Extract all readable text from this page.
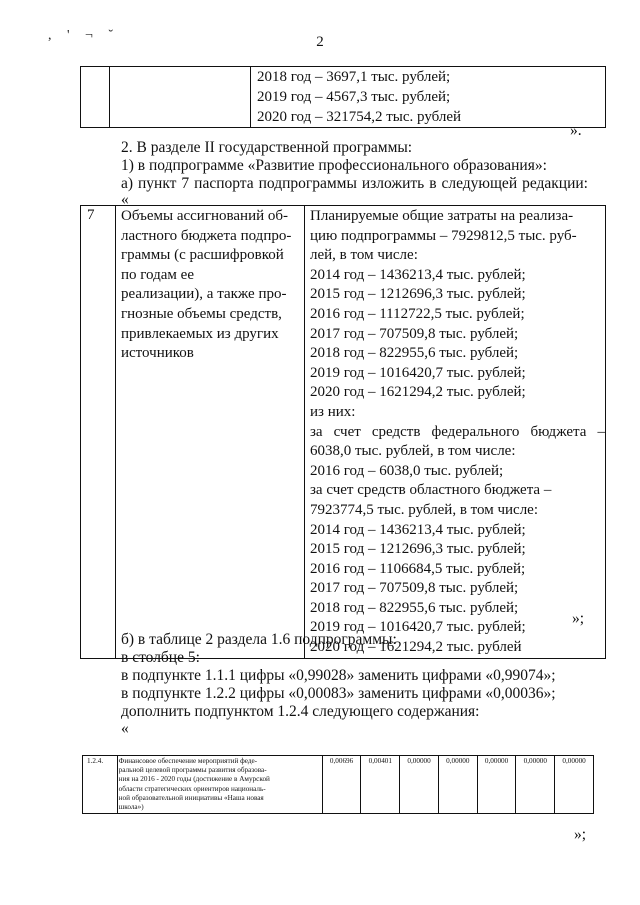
, ' ¬ ˘	2

2018 год – 3697,1 тыс. рублей;
2019 год – 4567,3 тыс. рублей;
2020 год – 321754,2 тыс. рублей
».
2. В разделе II государственной программы:
1) в подпрограмме «Развитие профессионального образования»:
а) пункт 7 паспорта подпрограммы изложить в следующей редакции:
«
7	Объемы ассигнований об-
ластного бюджета подпро-
граммы (с расшифровкой
по годам ее
реализации), а также про-
гнозные объемы средств,
привлекаемых из других
источников

Планируемые общие затраты на реализа-
цию подпрограммы – 7929812,5 тыс. руб-
лей, в том числе:
2014 год – 1436213,4 тыс. рублей;
2015 год – 1212696,3 тыс. рублей;
2016 год – 1112722,5 тыс. рублей;
2017 год – 707509,8 тыс. рублей;
2018 год – 822955,6 тыс. рублей;
2019 год – 1016420,7 тыс. рублей;
2020 год – 1621294,2 тыс. рублей;
из них:
за счет средств федерального бюджета –
6038,0 тыс. рублей, в том числе:
2016 год – 6038,0 тыс. рублей;
за счет средств областного бюджета –
7923774,5 тыс. рублей, в том числе:
2014 год – 1436213,4 тыс. рублей;
2015 год – 1212696,3 тыс. рублей;
2016 год – 1106684,5 тыс. рублей;
2017 год – 707509,8 тыс. рублей;
2018 год – 822955,6 тыс. рублей;
2019 год – 1016420,7 тыс. рублей;
2020 год – 1621294,2 тыс. рублей
»;
б) в таблице 2 раздела 1.6 подпрограммы:
в столбце 5:
в подпункте 1.1.1 цифры «0,99028» заменить цифрами «0,99074»;
в подпункте 1.2.2 цифры «0,00083» заменить цифрами «0,00036»;
дополнить подпунктом 1.2.4 следующего содержания:
«
1.2.4.	Финансовое обеспечение мероприятий феде-
ральной целевой программы развития образова-
ния на 2016 - 2020 годы (достижение в Амурской
области стратегических ориентиров националь-
ной образовательной инициативы «Наша новая
школа»)
	0,00696	0,00401	0,00000	0,00000	0,00000	0,00000	0,00000
»;
